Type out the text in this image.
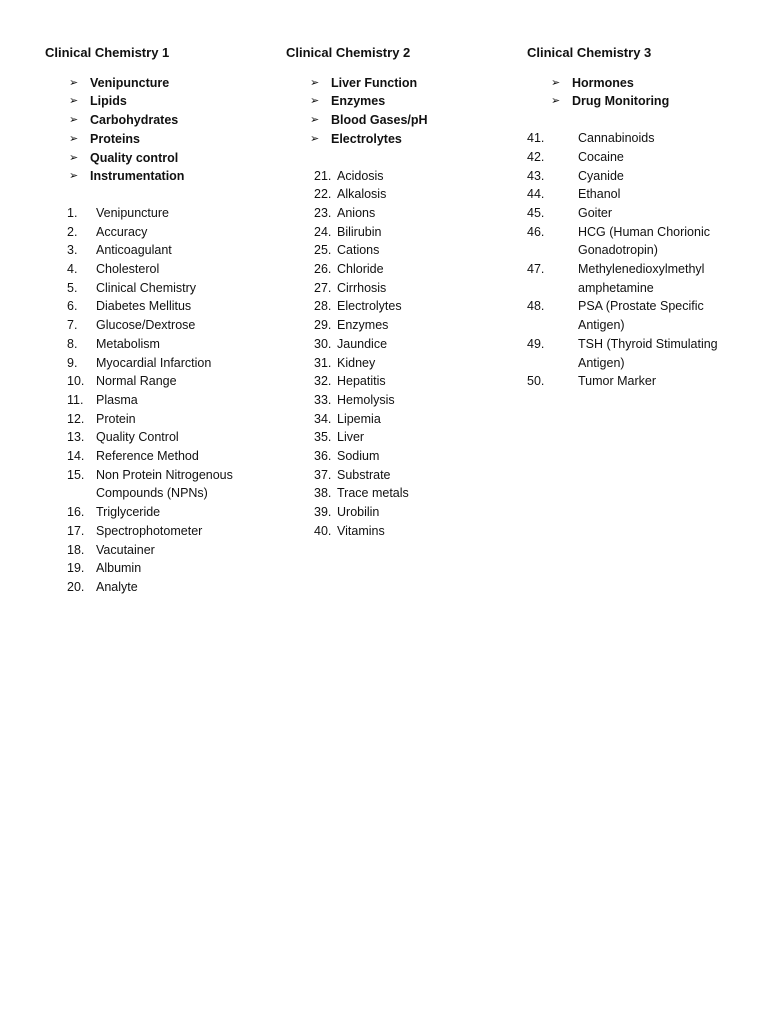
Clinical Chemistry 1
➢ Venipuncture
➢ Lipids
➢ Carbohydrates
➢ Proteins
➢ Quality control
➢ Instrumentation
1.	Venipuncture
2.	Accuracy
3.	Anticoagulant
4.	Cholesterol
5.	Clinical Chemistry
6.	Diabetes Mellitus
7.	Glucose/Dextrose
8.	Metabolism
9.	Myocardial Infarction
10. Normal Range
11.	Plasma
12. Protein
13. Quality Control
14. Reference Method
15. Non Protein Nitrogenous Compounds (NPNs)
16. Triglyceride
17. Spectrophotometer
18. Vacutainer
19. Albumin
20. Analyte
Clinical Chemistry 2
➢ Liver Function
➢ Enzymes
➢ Blood Gases/pH
➢ Electrolytes
21. Acidosis
22. Alkalosis
23. Anions
24. Bilirubin
25. Cations
26. Chloride
27. Cirrhosis
28. Electrolytes
29. Enzymes
30. Jaundice
31. Kidney
32. Hepatitis
33. Hemolysis
34. Lipemia
35. Liver
36. Sodium
37. Substrate
38. Trace metals
39. Urobilin
40. Vitamins
Clinical Chemistry 3
➢ Hormones
➢ Drug Monitoring
41.	Cannabinoids
42.	Cocaine
43.	Cyanide
44.	Ethanol
45.	Goiter
46.	HCG (Human Chorionic Gonadotropin)
47.	Methylenedioxylmethyl amphetamine
48.	PSA (Prostate Specific Antigen)
49.	TSH (Thyroid Stimulating Antigen)
50.	Tumor Marker
